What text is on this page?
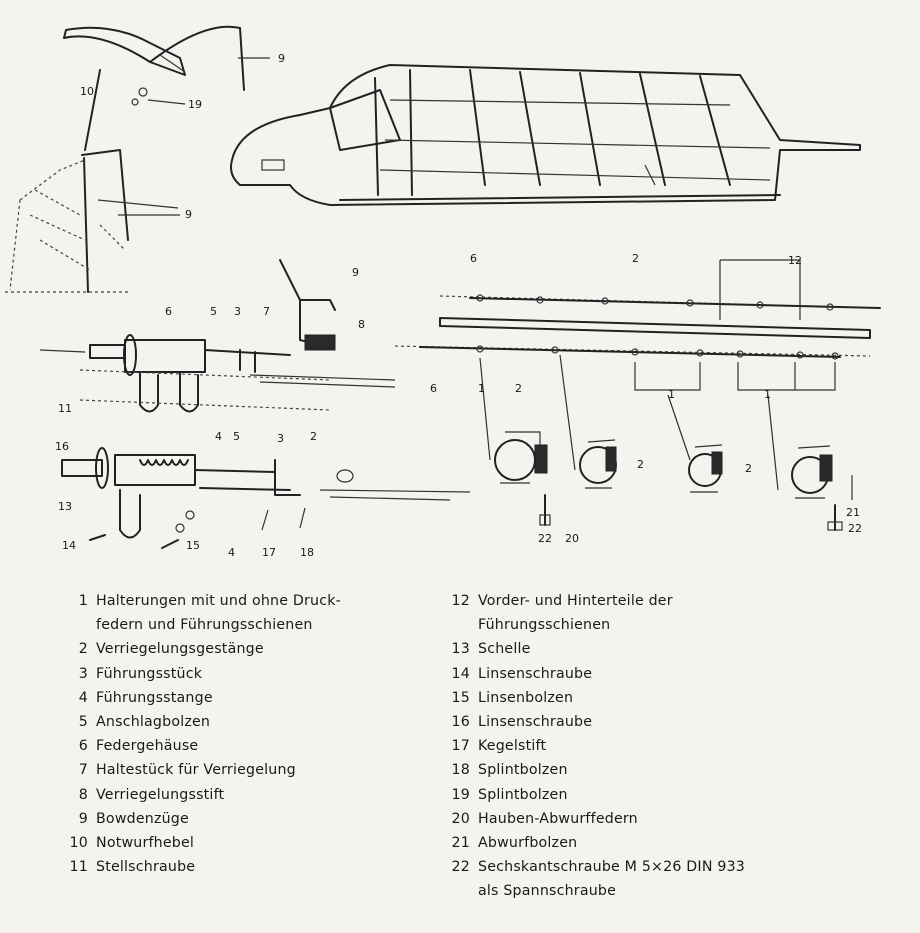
9
10
19
9
12
9
6	2
6	5 3 7
8
6	2
1	1	1
11
4	2
16
5	3
2	2
13	21
22
22 20
14	15
4 17 18
1 Halterungen mit und ohne Druck-
federn und Führungsschienen
2 Verriegelungsgestänge
3 Führungsstück
4 Führungsstange
5 Anschlagbolzen
6 Federgehäuse
7 Haltestück für Verriegelung
8 Verriegelungsstift
9 Bowdenzüge
10 Notwurfhebel
11 Stellschraube
12 Vorder- und Hinterteile der
Führungsschienen
13 Schelle
14 Linsenschraube
15 Linsenbolzen
16 Linsenschraube
17 Kegelstift
18 Splintbolzen
19 Splintbolzen
20 Hauben-Abwurffedern
21 Abwurfbolzen
22 Sechskantschraube M 5×26 DIN 933
als Spannschraube
